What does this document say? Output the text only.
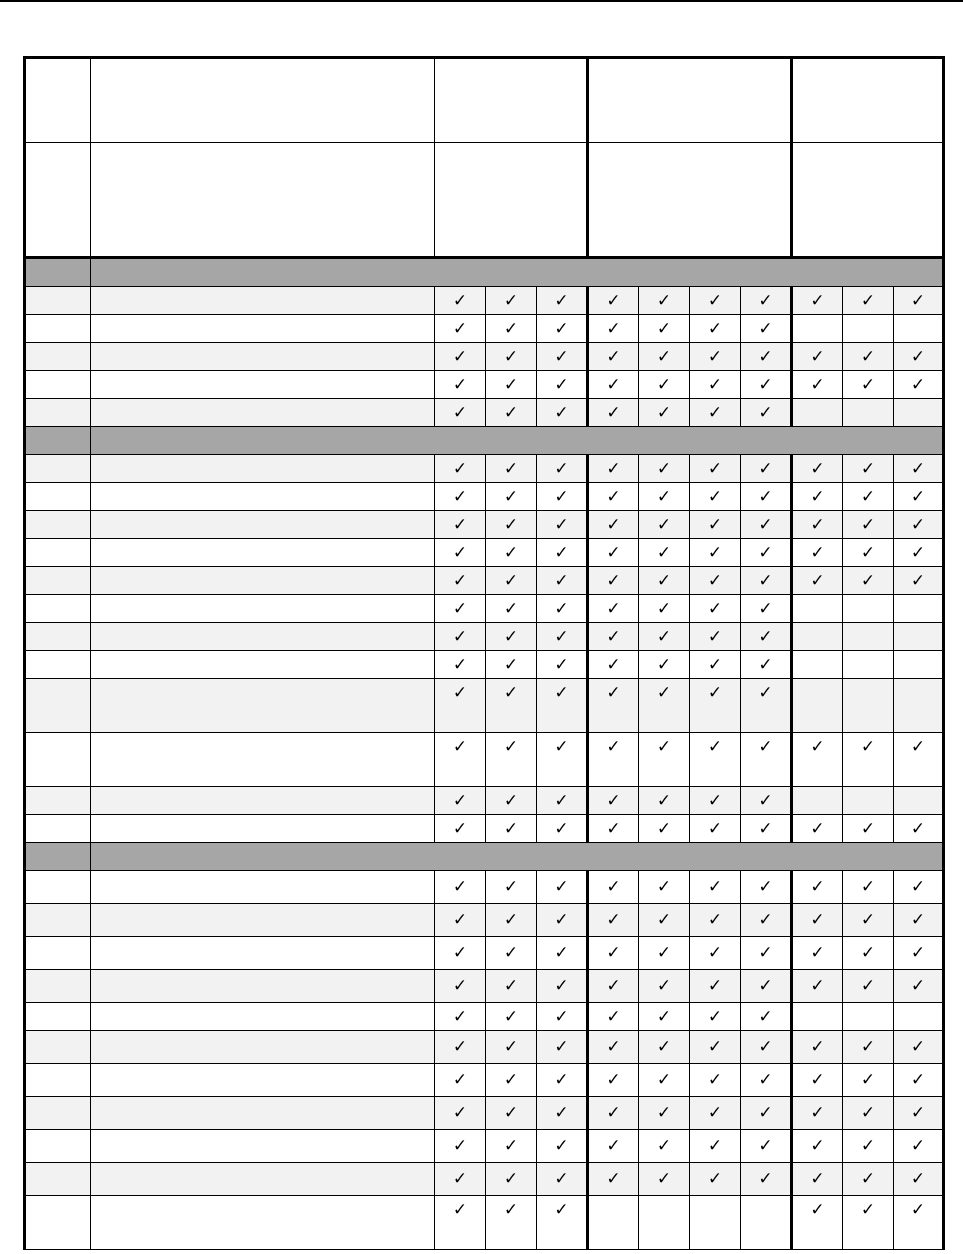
		✓	✓	✓	✓	✓	✓	✓	✓	✓	✓
		✓	✓	✓	✓	✓	✓	✓			
		✓	✓	✓	✓	✓	✓	✓	✓	✓	✓
		✓	✓	✓	✓	✓	✓	✓	✓	✓	✓
		✓	✓	✓	✓	✓	✓	✓			

		✓	✓	✓	✓	✓	✓	✓	✓	✓	✓
		✓	✓	✓	✓	✓	✓	✓	✓	✓	✓
		✓	✓	✓	✓	✓	✓	✓	✓	✓	✓
		✓	✓	✓	✓	✓	✓	✓	✓	✓	✓
		✓	✓	✓	✓	✓	✓	✓	✓	✓	✓
		✓	✓	✓	✓	✓	✓	✓			
		✓	✓	✓	✓	✓	✓	✓			
		✓	✓	✓	✓	✓	✓	✓			
		✓	✓	✓	✓	✓	✓	✓			
		✓	✓	✓	✓	✓	✓	✓	✓	✓	✓
		✓	✓	✓	✓	✓	✓	✓			
		✓	✓	✓	✓	✓	✓	✓	✓	✓	✓

		✓	✓	✓	✓	✓	✓	✓	✓	✓	✓
		✓	✓	✓	✓	✓	✓	✓	✓	✓	✓
		✓	✓	✓	✓	✓	✓	✓	✓	✓	✓
		✓	✓	✓	✓	✓	✓	✓	✓	✓	✓
		✓	✓	✓	✓	✓	✓	✓			
		✓	✓	✓	✓	✓	✓	✓	✓	✓	✓
		✓	✓	✓	✓	✓	✓	✓	✓	✓	✓
		✓	✓	✓	✓	✓	✓	✓	✓	✓	✓
		✓	✓	✓	✓	✓	✓	✓	✓	✓	✓
		✓	✓	✓	✓	✓	✓	✓	✓	✓	✓
		✓	✓	✓					✓	✓	✓
